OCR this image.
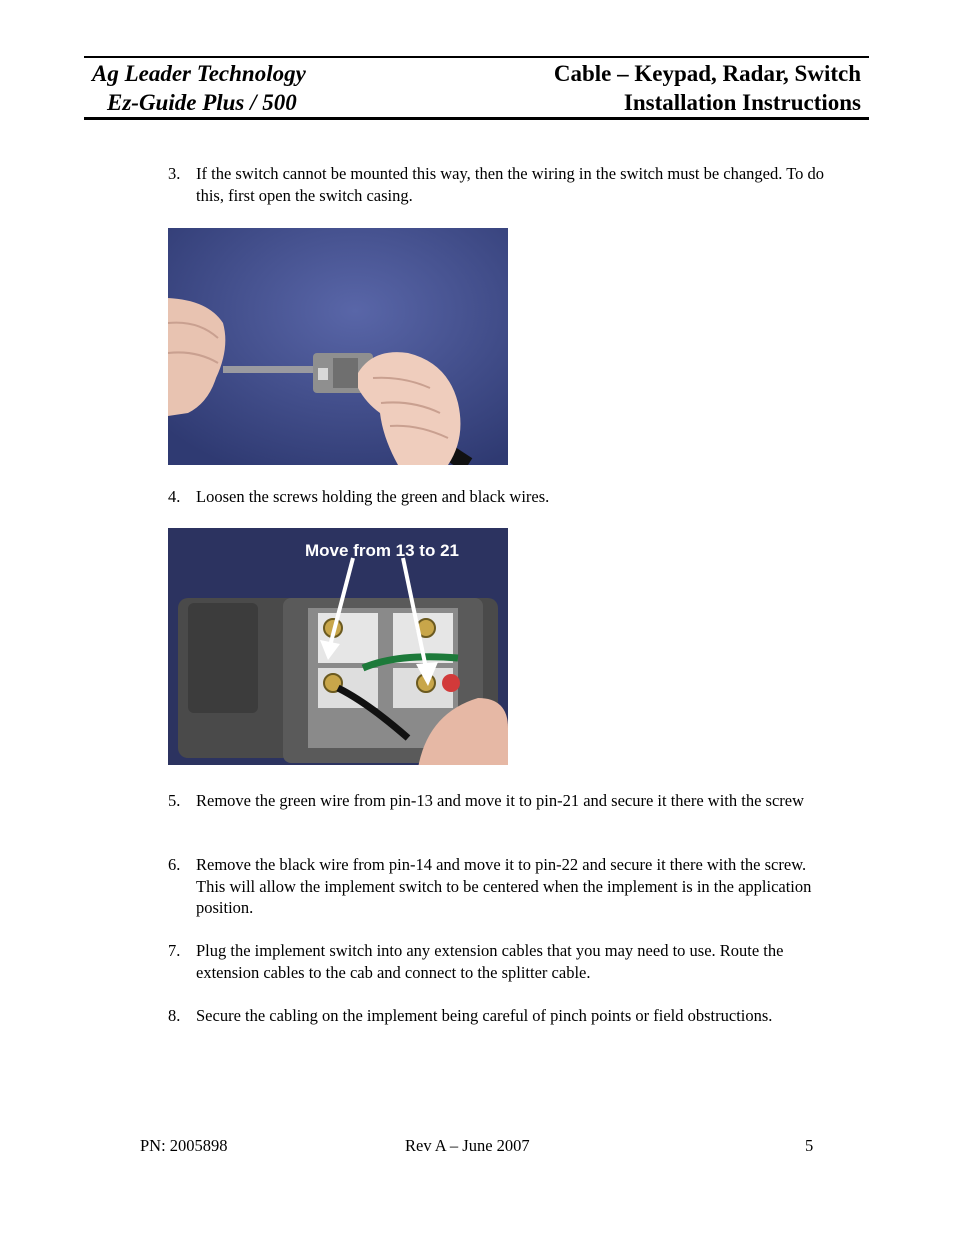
Ag Leader Technology
Ez-Guide Plus / 500
Cable – Keypad, Radar, Switch
Installation Instructions
3. If the switch cannot be mounted this way, then the wiring in the switch must be changed. To do this, first open the switch casing.
4. Loosen the screws holding the green and black wires.
Move from 13 to 21
5. Remove the green wire from pin-13 and move it to pin-21 and secure it there with the screw
6. Remove the black wire from pin-14 and move it to pin-22 and secure it there with the screw. This will allow the implement switch to be centered when the implement is in the application position.
7. Plug the implement switch into any extension cables that you may need to use. Route the extension cables to the cab and connect to the splitter cable.
8. Secure the cabling on the implement being careful of pinch points or field obstructions.
PN: 2005898	Rev A – June 2007	5
